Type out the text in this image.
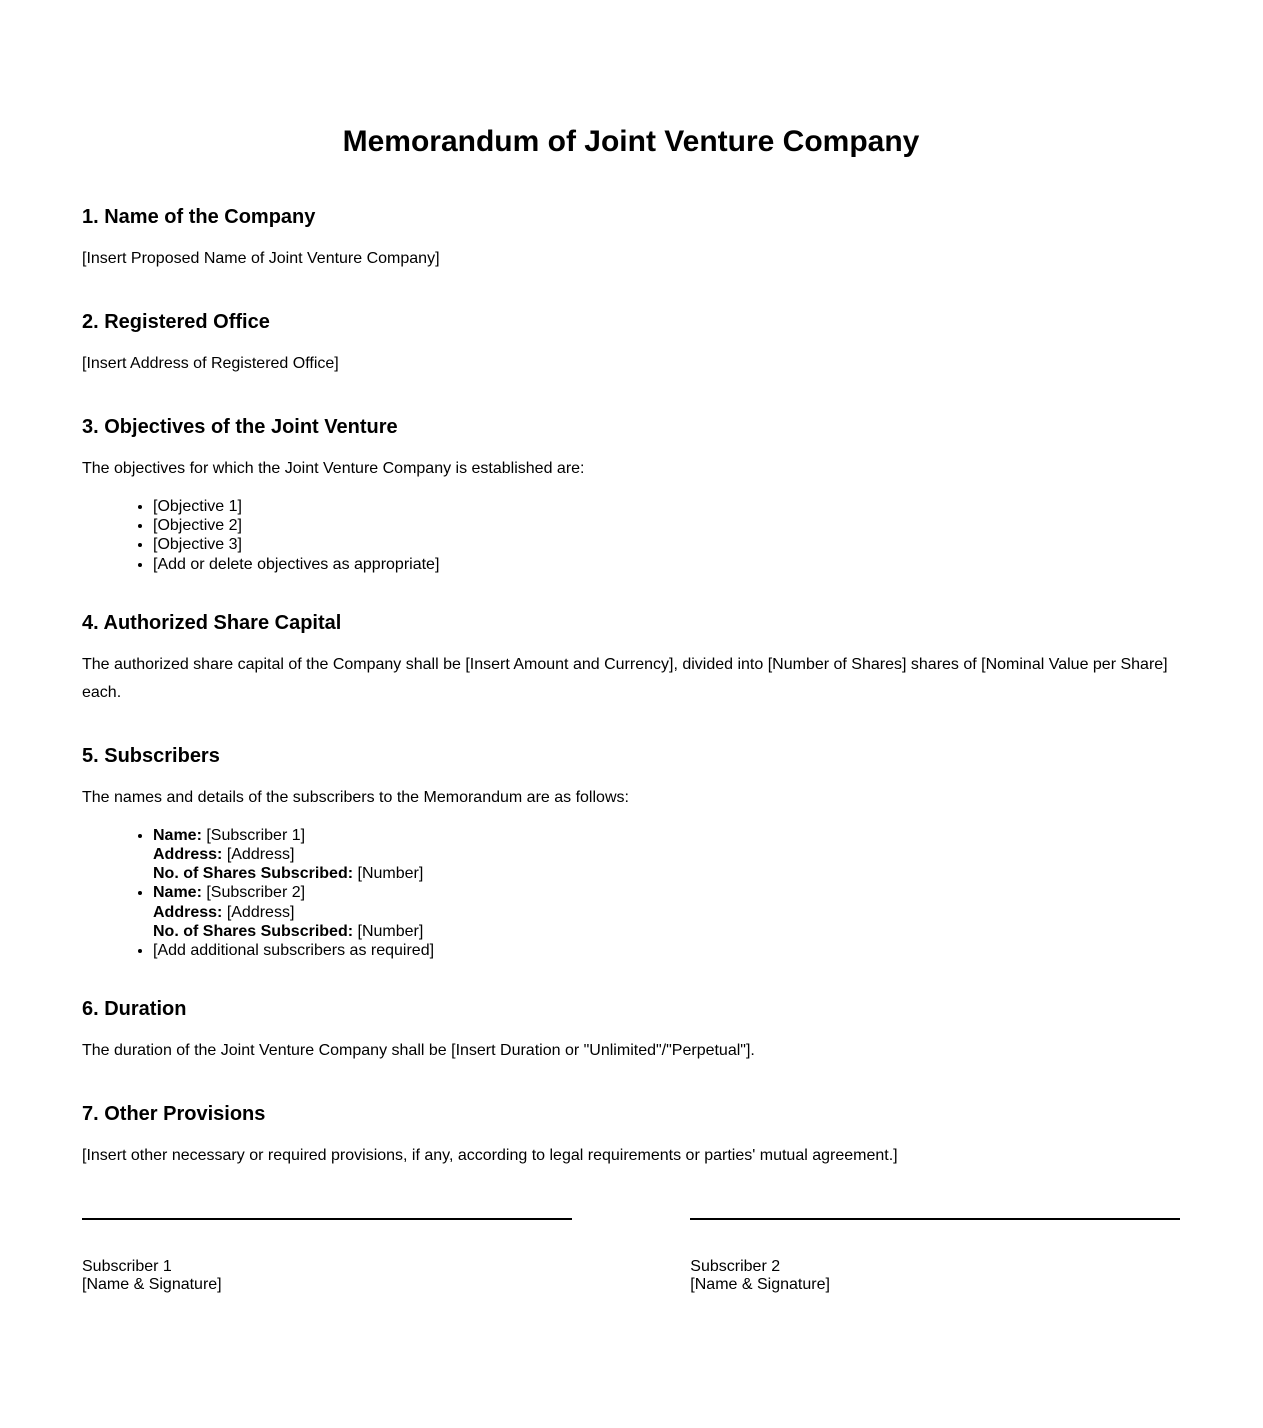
Memorandum of Joint Venture Company
1. Name of the Company

[Insert Proposed Name of Joint Venture Company]

2. Registered Office

[Insert Address of Registered Office]

3. Objectives of the Joint Venture

The objectives for which the Joint Venture Company is established are:

• [Objective 1]
• [Objective 2]
• [Objective 3]
• [Add or delete objectives as appropriate]
4. Authorized Share Capital

The authorized share capital of the Company shall be [Insert Amount and Currency], divided into [Number of Shares] shares of [Nominal Value per Share] each.

5. Subscribers

The names and details of the subscribers to the Memorandum are as follows:

• Name: [Subscriber 1]
Address: [Address]
No. of Shares Subscribed: [Number]
• Name: [Subscriber 2]
Address: [Address]
No. of Shares Subscribed: [Number]
• [Add additional subscribers as required]
6. Duration

The duration of the Joint Venture Company shall be [Insert Duration or "Unlimited"/"Perpetual"].

7. Other Provisions

[Insert other necessary or required provisions, if any, according to legal requirements or parties' mutual agreement.]

Subscriber 1
[Name & Signature]

Subscriber 2
[Name & Signature]
